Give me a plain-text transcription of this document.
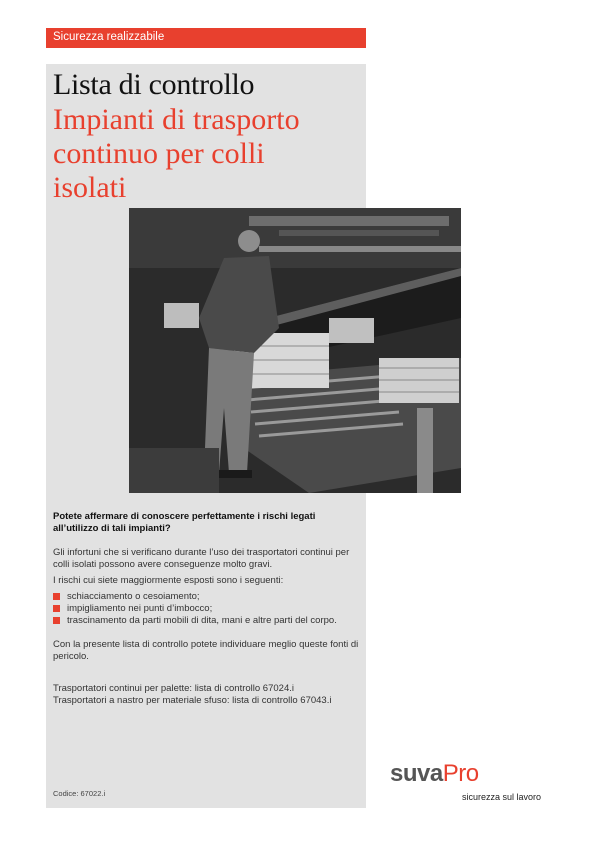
Sicurezza realizzabile
Lista di controllo
Impianti di trasporto
continuo per colli
isolati
Potete affermare di conoscere perfettamente i rischi legati all’utilizzo di tali impianti?
Gli infortuni che si verificano durante l’uso dei trasportatori continui per colli isolati possono avere conseguenze molto gravi.
I rischi cui siete maggiormente esposti sono i seguenti:
schiacciamento o cesoiamento;
impigliamento nei punti d’imbocco;
trascinamento da parti mobili di dita, mani e altre parti del corpo.
Con la presente lista di controllo potete individuare meglio queste fonti di pericolo.
Trasportatori continui per palette: lista di controllo 67024.i
Trasportatori a nastro per materiale sfuso: lista di controllo 67043.i
Codice: 67022.i
suvaPro
sicurezza sul lavoro
